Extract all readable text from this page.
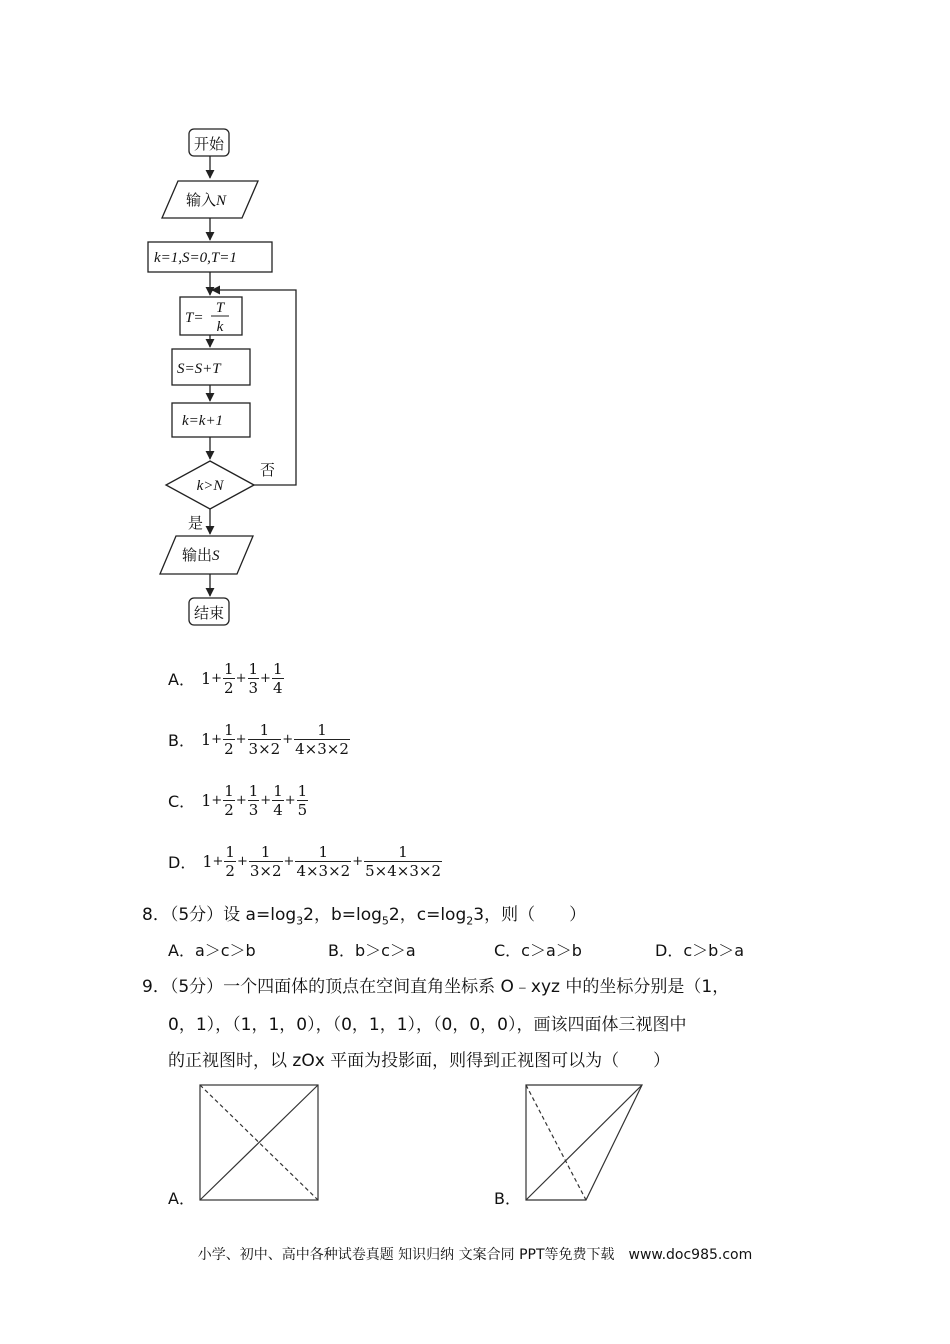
开始
输入N
k=1,S=0,T=1
T=
T
k
S=S+T
k=k+1
k>N
否
是
输出S
结束
A． $1 + \frac{1}{2} + \frac{1}{3} + \frac{1}{4}$
B． $1 + \frac{1}{2} + \frac{1}{3\times 2} + \frac{1}{4\times 3\times 2}$
C． $1 + \frac{1}{2} + \frac{1}{3} + \frac{1}{4} + \frac{1}{5}$
D． $1 + \frac{1}{2} + \frac{1}{3\times 2} + \frac{1}{4\times 3\times 2} + \frac{1}{5\times 4\times 3\times 2}$
8．（5分）设 $a=\log_32$，$b=\log_52$，$c=\log_23$，则（　　）
A．a＞c＞b	B．b＞c＞a	C．c＞a＞b	D．c＞b＞a
9．（5分）一个四面体的顶点在空间直角坐标系 O﹣xyz 中的坐标分别是（1，
0，1），（1，1，0），（0，1，1），（0，0，0），画该四面体三视图中
的正视图时，以 zOx 平面为投影面，则得到正视图可以为（　　）
A．	B．
小学、初中、高中各种试卷真题 知识归纳 文案合同 PPT等免费下载　www.doc985.com
